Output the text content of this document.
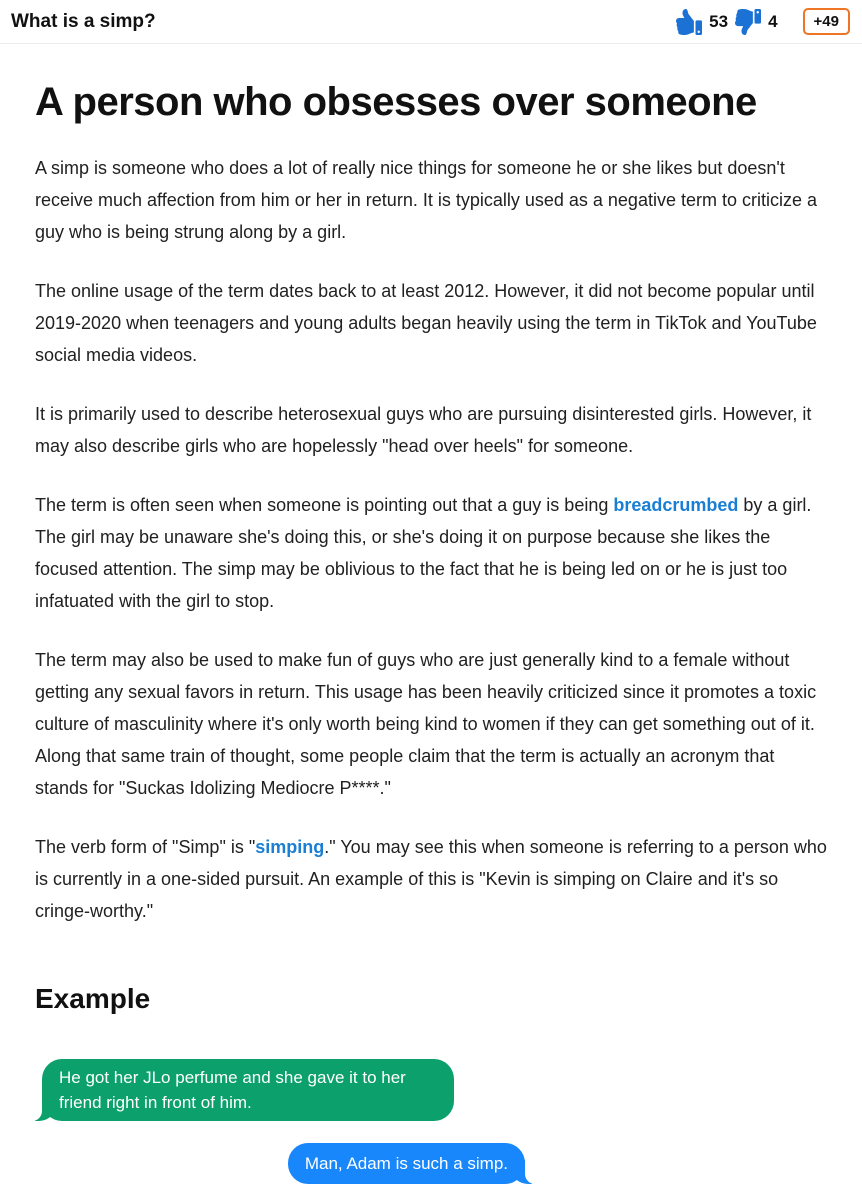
What is a simp?	53 4	+49
A person who obsesses over someone

A simp is someone who does a lot of really nice things for someone he or she likes but doesn't receive much affection from him or her in return. It is typically used as a negative term to criticize a guy who is being strung along by a girl.

The online usage of the term dates back to at least 2012. However, it did not become popular until 2019-2020 when teenagers and young adults began heavily using the term in TikTok and YouTube social media videos.

It is primarily used to describe heterosexual guys who are pursuing disinterested girls. However, it may also describe girls who are hopelessly "head over heels" for someone.

The term is often seen when someone is pointing out that a guy is being breadcrumbed by a girl. The girl may be unaware she's doing this, or she's doing it on purpose because she likes the focused attention. The simp may be oblivious to the fact that he is being led on or he is just too infatuated with the girl to stop.

The term may also be used to make fun of guys who are just generally kind to a female without getting any sexual favors in return. This usage has been heavily criticized since it promotes a toxic culture of masculinity where it's only worth being kind to women if they can get something out of it. Along that same train of thought, some people claim that the term is actually an acronym that stands for "Suckas Idolizing Mediocre P****."

The verb form of "Simp" is "simping." You may see this when someone is referring to a person who is currently in a one-sided pursuit. An example of this is "Kevin is simping on Claire and it's so cringe-worthy."

Example
He got her JLo perfume and she gave it to her friend right in front of him.
Man, Adam is such a simp.
